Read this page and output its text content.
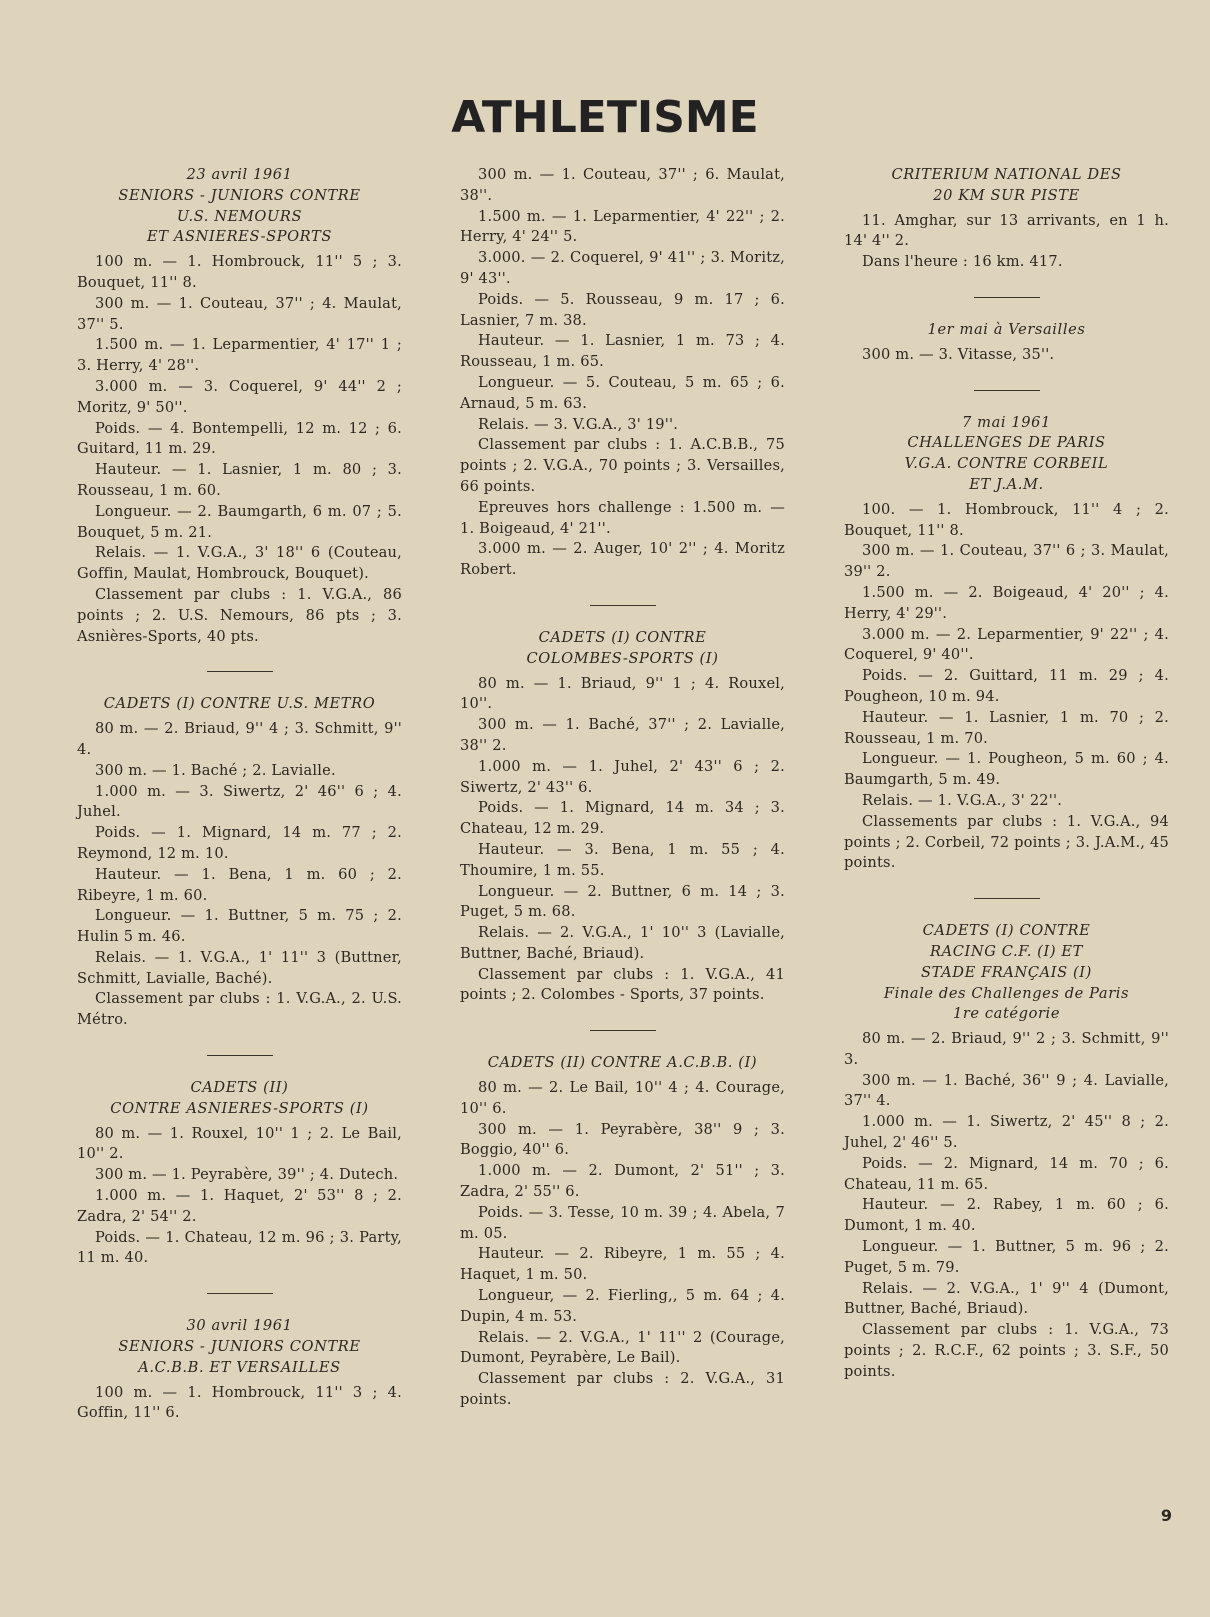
ATHLETISME

23 avril 1961

SENIORS - JUNIORS CONTRE

U.S. NEMOURS

ET ASNIERES-SPORTS

100 m. — 1. Hombrouck, 11'' 5 ; 3. Bouquet, 11'' 8.

300 m. — 1. Couteau, 37'' ; 4. Maulat, 37'' 5.

1.500 m. — 1. Leparmentier, 4' 17'' 1 ; 3. Herry, 4' 28''.

3.000 m. — 3. Coquerel, 9' 44'' 2 ; Moritz, 9' 50''.

Poids. — 4. Bontempelli, 12 m. 12 ; 6. Guitard, 11 m. 29.

Hauteur. — 1. Lasnier, 1 m. 80 ; 3. Rousseau, 1 m. 60.

Longueur. — 2. Baumgarth, 6 m. 07 ; 5. Bouquet, 5 m. 21.

Relais. — 1. V.G.A., 3' 18'' 6 (Couteau, Goffin, Maulat, Hombrouck, Bouquet).

Classement par clubs : 1. V.G.A., 86 points ; 2. U.S. Nemours, 86 pts ; 3. Asnières-Sports, 40 pts.

CADETS (I) CONTRE U.S. METRO

80 m. — 2. Briaud, 9'' 4 ; 3. Schmitt, 9'' 4.

300 m. — 1. Baché ; 2. Lavialle.

1.000 m. — 3. Siwertz, 2' 46'' 6 ; 4. Juhel.

Poids. — 1. Mignard, 14 m. 77 ; 2. Reymond, 12 m. 10.

Hauteur. — 1. Bena, 1 m. 60 ; 2. Ribeyre, 1 m. 60.

Longueur. — 1. Buttner, 5 m. 75 ; 2. Hulin 5 m. 46.

Relais. — 1. V.G.A., 1' 11'' 3 (Buttner, Schmitt, Lavialle, Baché).

Classement par clubs : 1. V.G.A., 2. U.S. Métro.

CADETS (II)

CONTRE ASNIERES-SPORTS (I)

80 m. — 1. Rouxel, 10'' 1 ; 2. Le Bail, 10'' 2.

300 m. — 1. Peyrabère, 39'' ; 4. Dutech.

1.000 m. — 1. Haquet, 2' 53'' 8 ; 2. Zadra, 2' 54'' 2.

Poids. — 1. Chateau, 12 m. 96 ; 3. Party, 11 m. 40.

30 avril 1961

SENIORS - JUNIORS CONTRE

A.C.B.B. ET VERSAILLES

100 m. — 1. Hombrouck, 11'' 3 ; 4. Goffin, 11'' 6.

300 m. — 1. Couteau, 37'' ; 6. Maulat, 38''.

1.500 m. — 1. Leparmentier, 4' 22'' ; 2. Herry, 4' 24'' 5.

3.000. — 2. Coquerel, 9' 41'' ; 3. Moritz, 9' 43''.

Poids. — 5. Rousseau, 9 m. 17 ; 6. Lasnier, 7 m. 38.

Hauteur. — 1. Lasnier, 1 m. 73 ; 4. Rousseau, 1 m. 65.

Longueur. — 5. Couteau, 5 m. 65 ; 6. Arnaud, 5 m. 63.

Relais. — 3. V.G.A., 3' 19''.

Classement par clubs : 1. A.C.B.B., 75 points ; 2. V.G.A., 70 points ; 3. Versailles, 66 points.

Epreuves hors challenge : 1.500 m. — 1. Boigeaud, 4' 21''.

3.000 m. — 2. Auger, 10' 2'' ; 4. Moritz Robert.

CADETS (I) CONTRE

COLOMBES-SPORTS (I)

80 m. — 1. Briaud, 9'' 1 ; 4. Rouxel, 10''.

300 m. — 1. Baché, 37'' ; 2. Lavialle, 38'' 2.

1.000 m. — 1. Juhel, 2' 43'' 6 ; 2. Siwertz, 2' 43'' 6.

Poids. — 1. Mignard, 14 m. 34 ; 3. Chateau, 12 m. 29.

Hauteur. — 3. Bena, 1 m. 55 ; 4. Thoumire, 1 m. 55.

Longueur. — 2. Buttner, 6 m. 14 ; 3. Puget, 5 m. 68.

Relais. — 2. V.G.A., 1' 10'' 3 (Lavialle, Buttner, Baché, Briaud).

Classement par clubs : 1. V.G.A., 41 points ; 2. Colombes - Sports, 37 points.

CADETS (II) CONTRE A.C.B.B. (I)

80 m. — 2. Le Bail, 10'' 4 ; 4. Courage, 10'' 6.

300 m. — 1. Peyrabère, 38'' 9 ; 3. Boggio, 40'' 6.

1.000 m. — 2. Dumont, 2' 51'' ; 3. Zadra, 2' 55'' 6.

Poids. — 3. Tesse, 10 m. 39 ; 4. Abela, 7 m. 05.

Hauteur. — 2. Ribeyre, 1 m. 55 ; 4. Haquet, 1 m. 50.

Longueur, — 2. Fierling,, 5 m. 64 ; 4. Dupin, 4 m. 53.

Relais. — 2. V.G.A., 1' 11'' 2 (Courage, Dumont, Peyrabère, Le Bail).

Classement par clubs : 2. V.G.A., 31 points.

CRITERIUM NATIONAL DES

20 KM SUR PISTE

11. Amghar, sur 13 arrivants, en 1 h. 14' 4'' 2.

Dans l'heure : 16 km. 417.

1er mai à Versailles

300 m. — 3. Vitasse, 35''.

7 mai 1961

CHALLENGES DE PARIS

V.G.A. CONTRE CORBEIL

ET J.A.M.

100. — 1. Hombrouck, 11'' 4 ; 2. Bouquet, 11'' 8.

300 m. — 1. Couteau, 37'' 6 ; 3. Maulat, 39'' 2.

1.500 m. — 2. Boigeaud, 4' 20'' ; 4. Herry, 4' 29''.

3.000 m. — 2. Leparmentier, 9' 22'' ; 4. Coquerel, 9' 40''.

Poids. — 2. Guittard, 11 m. 29 ; 4. Pougheon, 10 m. 94.

Hauteur. — 1. Lasnier, 1 m. 70 ; 2. Rousseau, 1 m. 70.

Longueur. — 1. Pougheon, 5 m. 60 ; 4. Baumgarth, 5 m. 49.

Relais. — 1. V.G.A., 3' 22''.

Classements par clubs : 1. V.G.A., 94 points ; 2. Corbeil, 72 points ; 3. J.A.M., 45 points.

CADETS (I) CONTRE

RACING C.F. (I) ET

STADE FRANÇAIS (I)

Finale des Challenges de Paris

1re catégorie

80 m. — 2. Briaud, 9'' 2 ; 3. Schmitt, 9'' 3.

300 m. — 1. Baché, 36'' 9 ; 4. Lavialle, 37'' 4.

1.000 m. — 1. Siwertz, 2' 45'' 8 ; 2. Juhel, 2' 46'' 5.

Poids. — 2. Mignard, 14 m. 70 ; 6. Chateau, 11 m. 65.

Hauteur. — 2. Rabey, 1 m. 60 ; 6. Dumont, 1 m. 40.

Longueur. — 1. Buttner, 5 m. 96 ; 2. Puget, 5 m. 79.

Relais. — 2. V.G.A., 1' 9'' 4 (Dumont, Buttner, Baché, Briaud).

Classement par clubs : 1. V.G.A., 73 points ; 2. R.C.F., 62 points ; 3. S.F., 50 points.

9
